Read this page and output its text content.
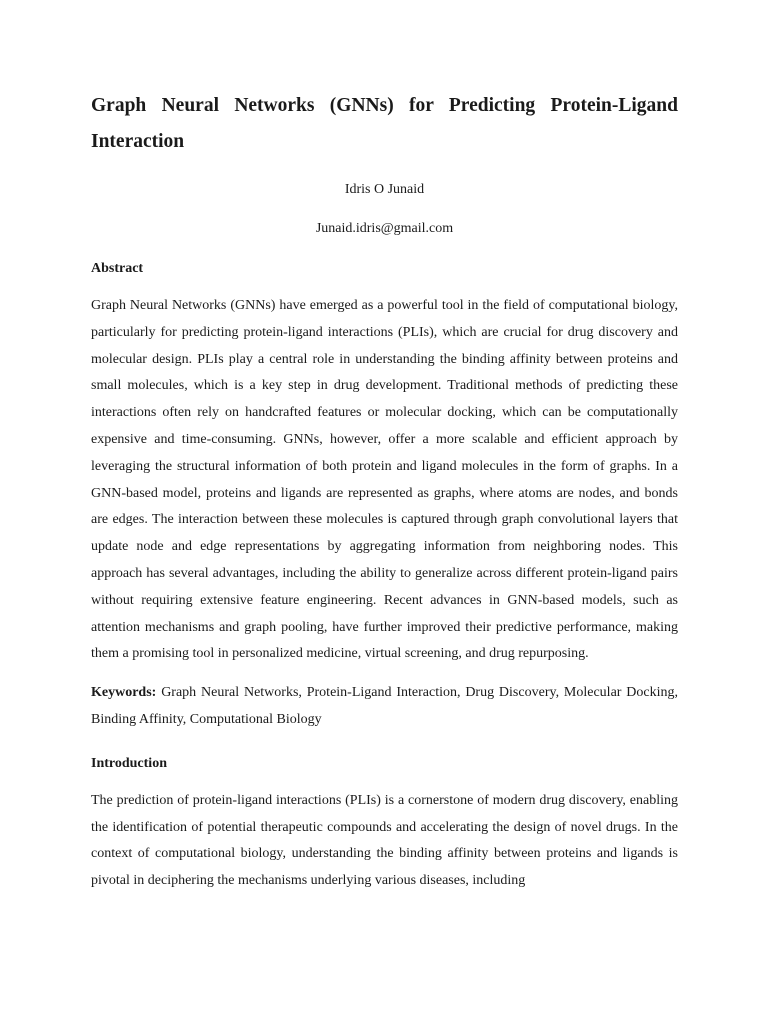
Graph Neural Networks (GNNs) for Predicting Protein-Ligand Interaction

Idris O Junaid

Junaid.idris@gmail.com

Abstract

Graph Neural Networks (GNNs) have emerged as a powerful tool in the field of computational biology, particularly for predicting protein-ligand interactions (PLIs), which are crucial for drug discovery and molecular design. PLIs play a central role in understanding the binding affinity between proteins and small molecules, which is a key step in drug development. Traditional methods of predicting these interactions often rely on handcrafted features or molecular docking, which can be computationally expensive and time-consuming. GNNs, however, offer a more scalable and efficient approach by leveraging the structural information of both protein and ligand molecules in the form of graphs. In a GNN-based model, proteins and ligands are represented as graphs, where atoms are nodes, and bonds are edges. The interaction between these molecules is captured through graph convolutional layers that update node and edge representations by aggregating information from neighboring nodes. This approach has several advantages, including the ability to generalize across different protein-ligand pairs without requiring extensive feature engineering. Recent advances in GNN-based models, such as attention mechanisms and graph pooling, have further improved their predictive performance, making them a promising tool in personalized medicine, virtual screening, and drug repurposing.

Keywords: Graph Neural Networks, Protein-Ligand Interaction, Drug Discovery, Molecular Docking, Binding Affinity, Computational Biology

Introduction

The prediction of protein-ligand interactions (PLIs) is a cornerstone of modern drug discovery, enabling the identification of potential therapeutic compounds and accelerating the design of novel drugs. In the context of computational biology, understanding the binding affinity between proteins and ligands is pivotal in deciphering the mechanisms underlying various diseases, including
